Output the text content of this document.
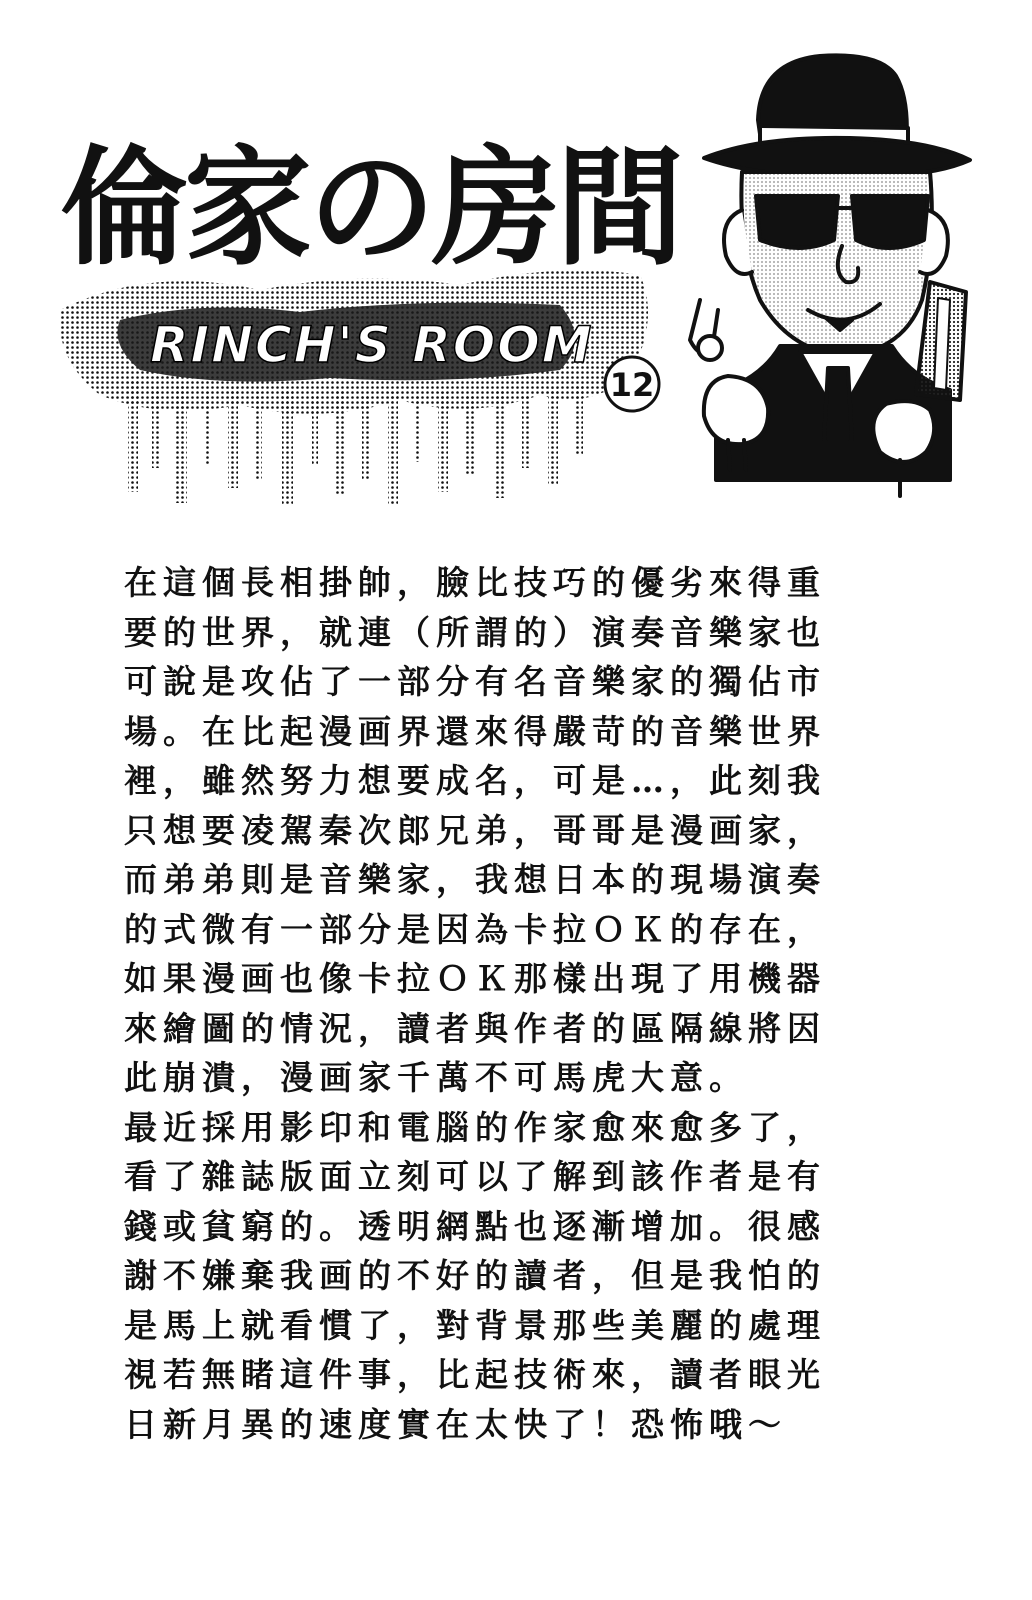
倫家の房間
RINCH'S ROOM
12
在這個長相掛帥，臉比技巧的優劣來得重
要的世界，就連（所謂的）演奏音樂家也
可說是攻佔了一部分有名音樂家的獨佔市
場。在比起漫画界還來得嚴苛的音樂世界
裡，雖然努力想要成名，可是…，此刻我
只想要凌駕秦次郎兄弟，哥哥是漫画家，
而弟弟則是音樂家，我想日本的現場演奏
的式微有一部分是因為卡拉ＯＫ的存在，
如果漫画也像卡拉ＯＫ那樣出現了用機器
來繪圖的情況，讀者與作者的區隔線將因
此崩潰，漫画家千萬不可馬虎大意。
最近採用影印和電腦的作家愈來愈多了，
看了雜誌版面立刻可以了解到該作者是有
錢或貧窮的。透明網點也逐漸增加。很感
謝不嫌棄我画的不好的讀者，但是我怕的
是馬上就看慣了，對背景那些美麗的處理
視若無睹這件事，比起技術來，讀者眼光
日新月異的速度實在太快了！恐怖哦～
